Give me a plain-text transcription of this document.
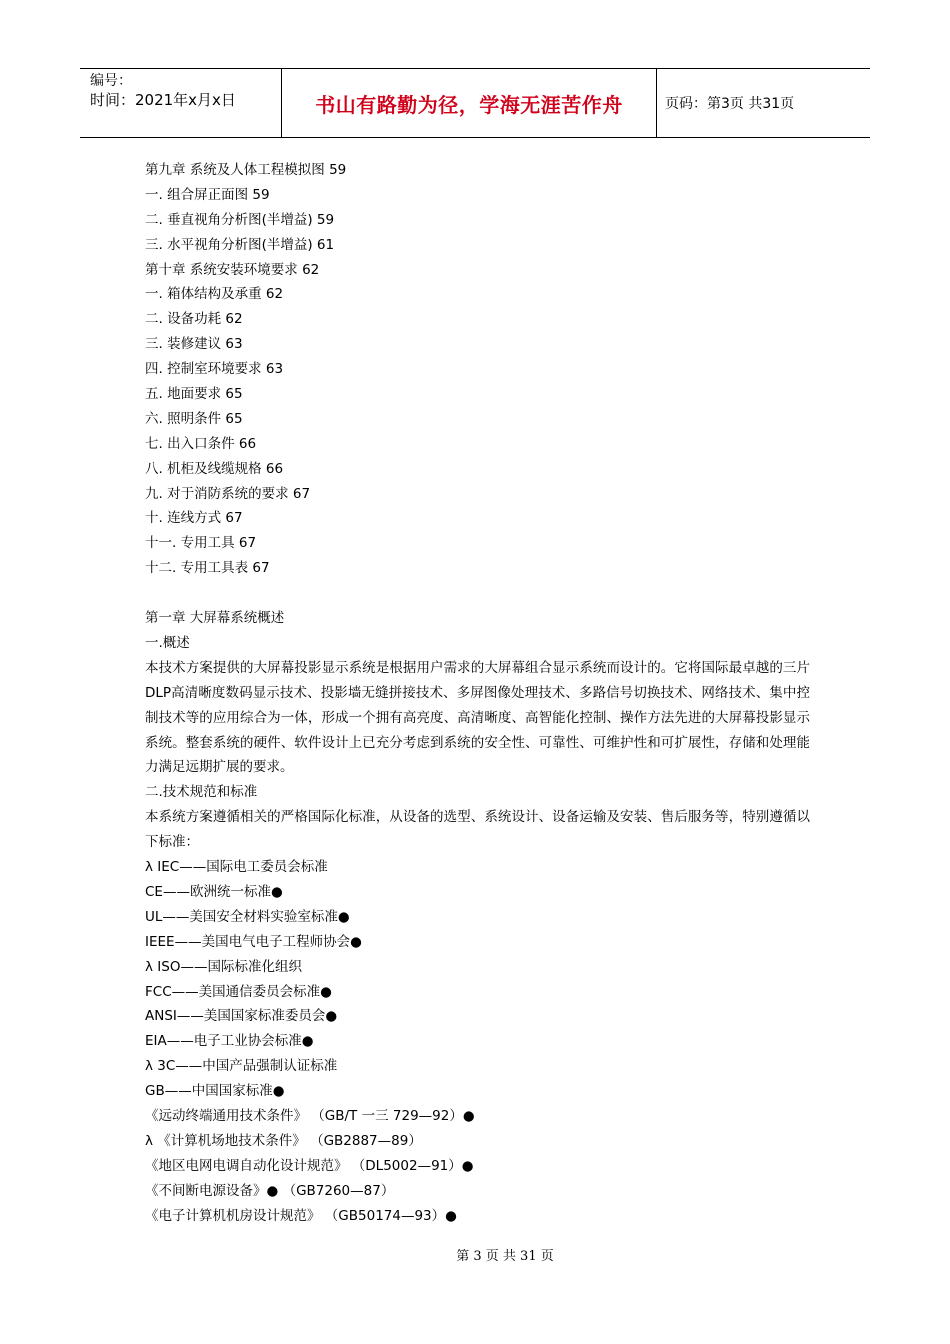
编号：
时间：2021年x月x日	书山有路勤为径，学海无涯苦作舟	页码：第3页 共31页
第九章 系统及人体工程模拟图 59
一. 组合屏正面图 59
二. 垂直视角分析图(半增益) 59
三. 水平视角分析图(半增益) 61
第十章 系统安装环境要求 62
一. 箱体结构及承重 62
二. 设备功耗 62
三. 装修建议 63
四. 控制室环境要求 63
五. 地面要求 65
六. 照明条件 65
七. 出入口条件 66
八. 机柜及线缆规格 66
九. 对于消防系统的要求 67
十. 连线方式 67
十一. 专用工具 67
十二. 专用工具表 67
第一章 大屏幕系统概述
一.概述
本技术方案提供的大屏幕投影显示系统是根据用户需求的大屏幕组合显示系统而设计的。它将国际最卓越的三片DLP高清晰度数码显示技术、投影墙无缝拼接技术、多屏图像处理技术、多路信号切换技术、网络技术、集中控制技术等的应用综合为一体，形成一个拥有高亮度、高清晰度、高智能化控制、操作方法先进的大屏幕投影显示系统。整套系统的硬件、软件设计上已充分考虑到系统的安全性、可靠性、可维护性和可扩展性，存储和处理能力满足远期扩展的要求。
二.技术规范和标准
本系统方案遵循相关的严格国际化标准，从设备的选型、系统设计、设备运输及安装、售后服务等，特别遵循以下标准：
λ IEC——国际电工委员会标准
CE——欧洲统一标准●
UL——美国安全材料实验室标准●
IEEE——美国电气电子工程师协会●
λ ISO——国际标准化组织
FCC——美国通信委员会标准●
ANSI——美国国家标准委员会●
EIA——电子工业协会标准●
λ 3C——中国产品强制认证标准
GB——中国国家标准●
《远动终端通用技术条件》 （GB/T 一三 729—92）●
λ 《计算机场地技术条件》 （GB2887—89）
《地区电网电调自动化设计规范》 （DL5002—91）●
《不间断电源设备》● （GB7260—87）
《电子计算机机房设计规范》 （GB50174—93）●
第 3 页 共 31 页
